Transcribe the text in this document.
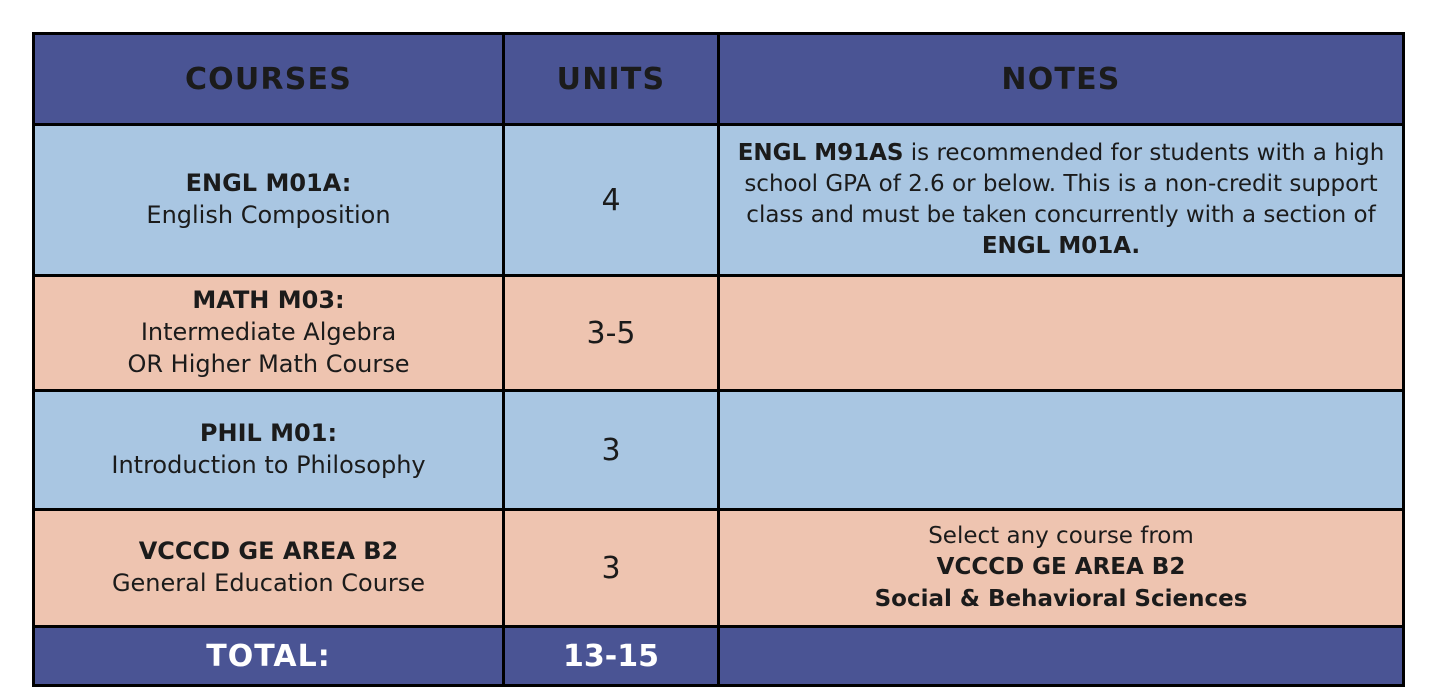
COURSES	UNITS	NOTES

ENGL M01A:
English Composition	4	ENGL M91AS is recommended for students with a high school GPA of 2.6 or below. This is a non-credit support class and must be taken concurrently with a section of ENGL M01A.

MATH M03:
Intermediate Algebra
OR Higher Math Course	3-5	

PHIL M01:
Introduction to Philosophy	3	

VCCCD GE AREA B2
General Education Course	3	Select any course from
VCCCD GE AREA B2
Social & Behavioral Sciences

TOTAL:	13-15	
